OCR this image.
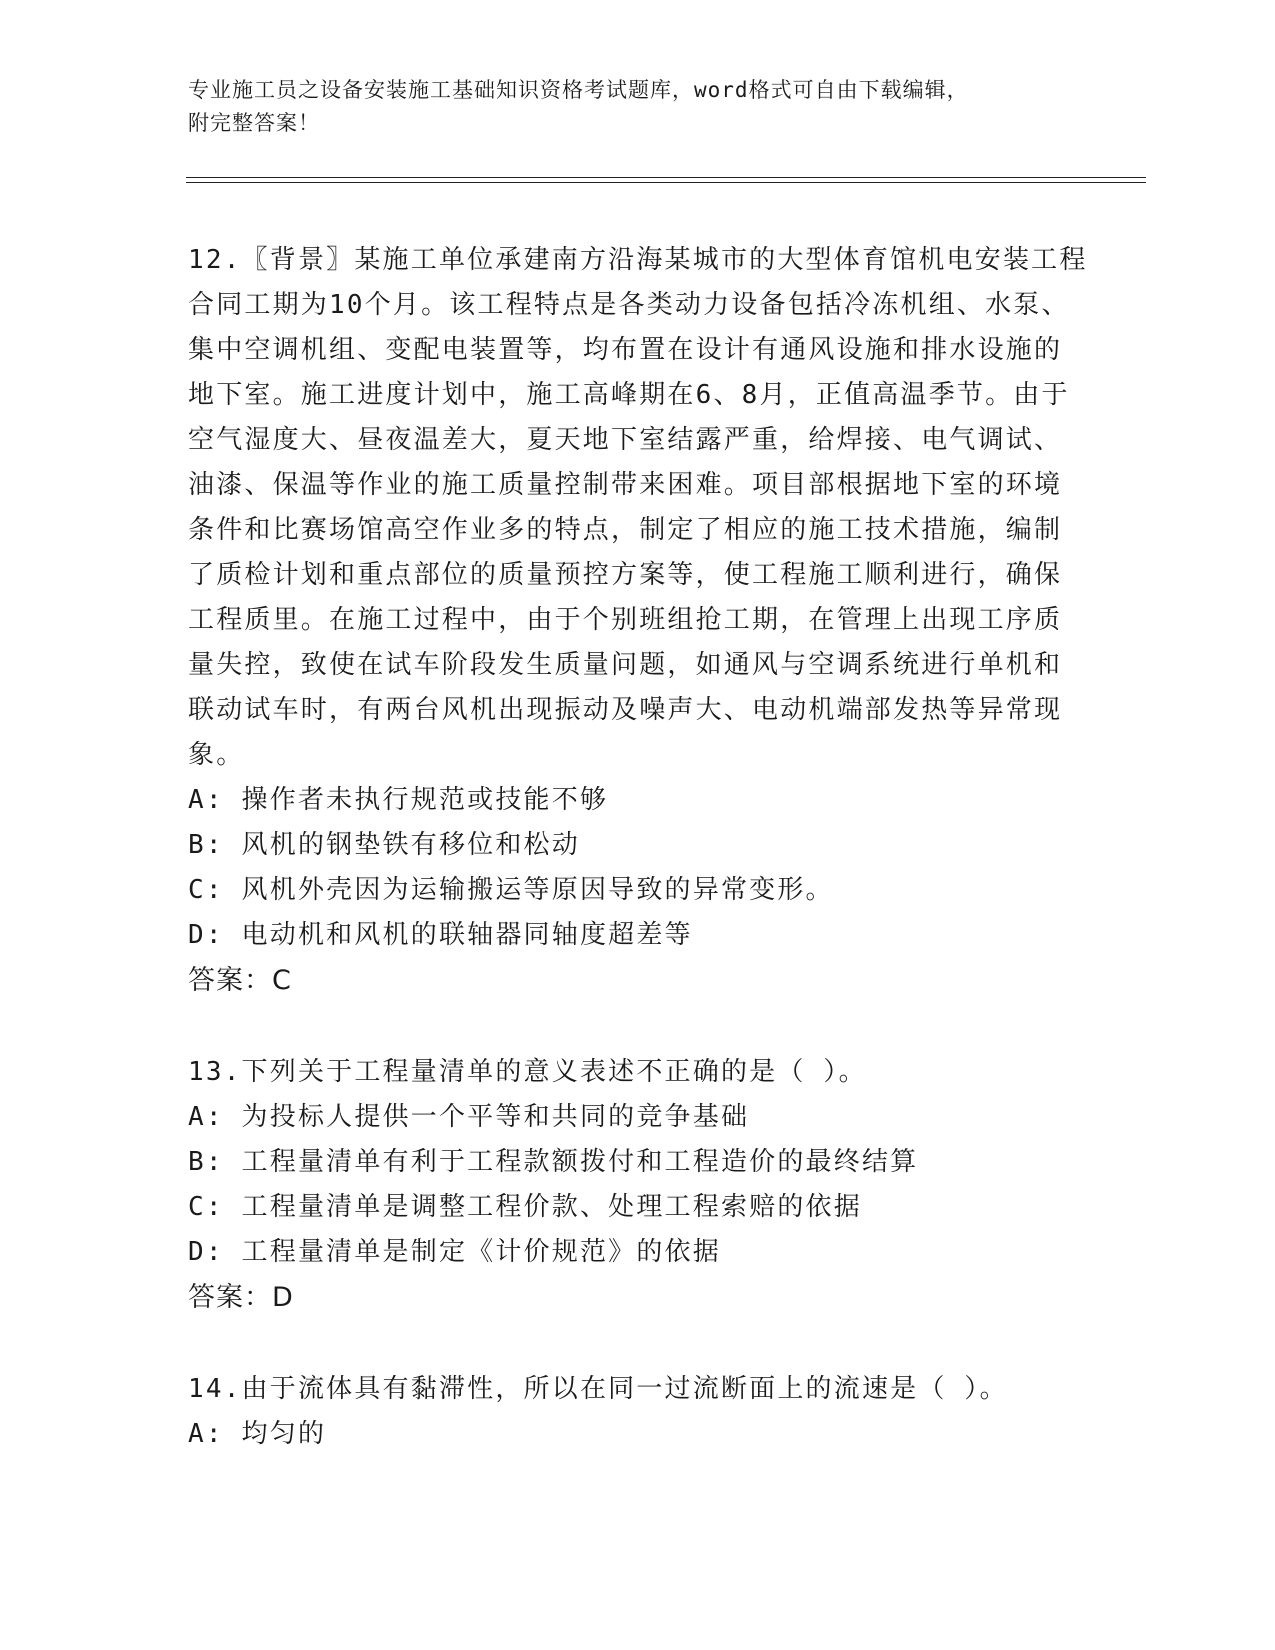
专业施工员之设备安装施工基础知识资格考试题库，word格式可自由下载编辑，
附完整答案！

12.〖背景〗某施工单位承建南方沿海某城市的大型体育馆机电安装工程合同工期为10个月。该工程特点是各类动力设备包括冷冻机组、水泵、集中空调机组、变配电装置等，均布置在设计有通风设施和排水设施的地下室。施工进度计划中，施工高峰期在6、8月，正值高温季节。由于空气湿度大、昼夜温差大，夏天地下室结露严重，给焊接、电气调试、油漆、保温等作业的施工质量控制带来困难。项目部根据地下室的环境条件和比赛场馆高空作业多的特点，制定了相应的施工技术措施，编制了质检计划和重点部位的质量预控方案等，使工程施工顺利进行，确保工程质里。在施工过程中，由于个别班组抢工期，在管理上出现工序质量失控，致使在试车阶段发生质量问题，如通风与空调系统进行单机和联动试车时，有两台风机出现振动及噪声大、电动机端部发热等异常现象。

A: 操作者未执行规范或技能不够

B: 风机的钢垫铁有移位和松动

C: 风机外壳因为运输搬运等原因导致的异常变形。

D: 电动机和风机的联轴器同轴度超差等

答案：C

13.下列关于工程量清单的意义表述不正确的是（ ）。

A: 为投标人提供一个平等和共同的竞争基础

B: 工程量清单有利于工程款额拨付和工程造价的最终结算

C: 工程量清单是调整工程价款、处理工程索赔的依据

D: 工程量清单是制定《计价规范》的依据

答案：D

14.由于流体具有黏滞性，所以在同一过流断面上的流速是（ ）。

A: 均匀的
